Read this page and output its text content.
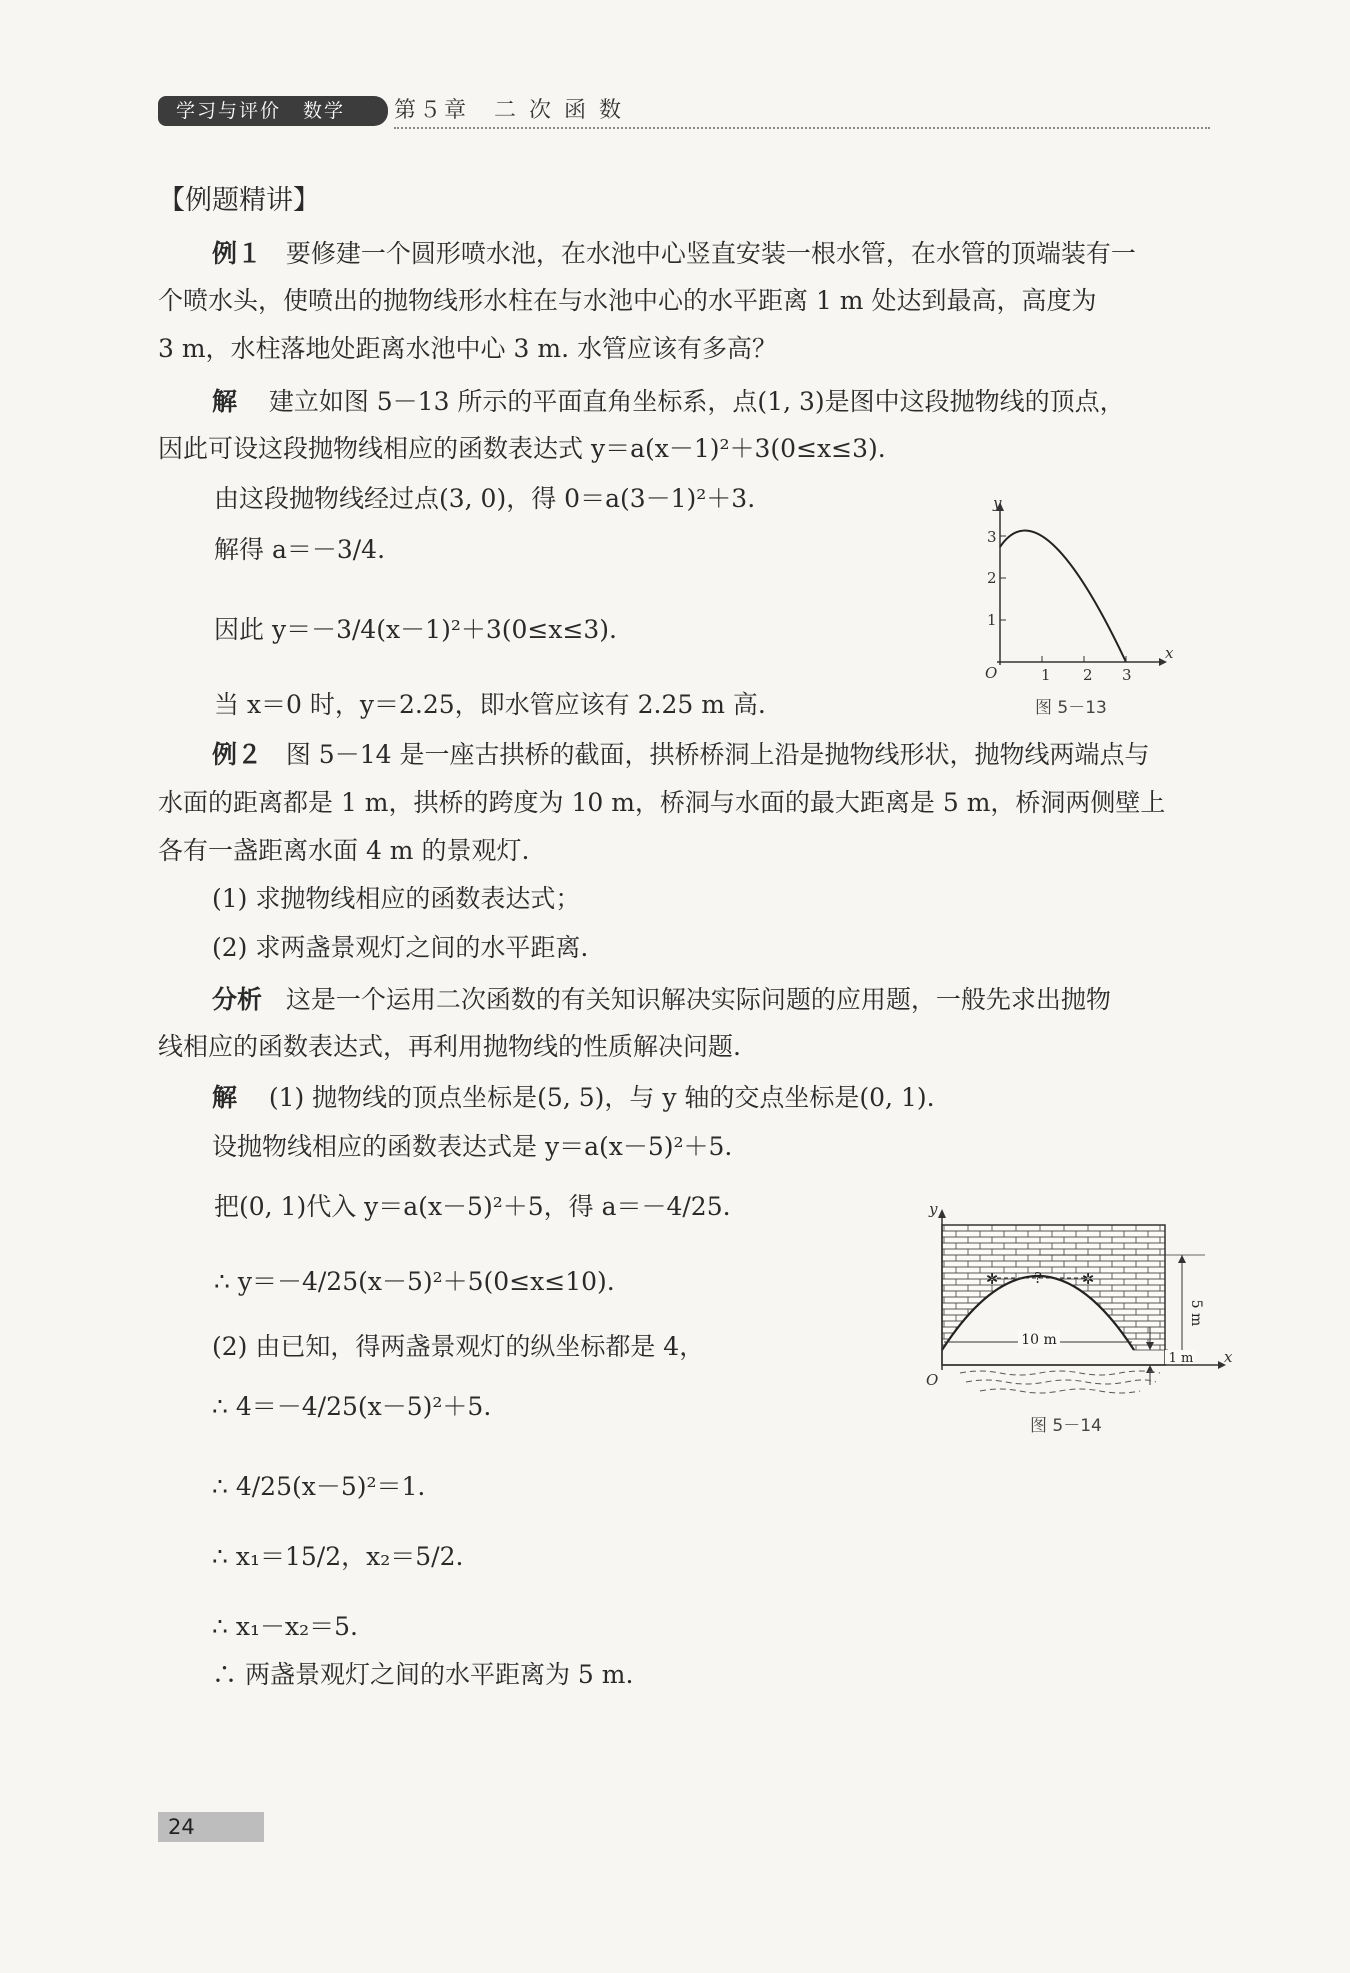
学习与评价 数学	第５章　二 次 函 数
【例题精讲】
例１ 要修建一个圆形喷水池，在水池中心竖直安装一根水管，在水管的顶端装有一
个喷水头，使喷出的抛物线形水柱在与水池中心的水平距离 1 m 处达到最高，高度为
3 m，水柱落地处距离水池中心 3 m. 水管应该有多高？
解 建立如图 5－13 所示的平面直角坐标系，点(1, 3)是图中这段抛物线的顶点，
因此可设这段抛物线相应的函数表达式 y＝a(x－1)²＋3(0≤x≤3).
由这段抛物线经过点(3, 0)，得 0＝a(3－1)²＋3.
解得 a＝－3/4.
因此 y＝－3/4(x－1)²＋3(0≤x≤3).
当 x＝0 时，y＝2.25，即水管应该有 2.25 m 高.
y
x
O	1 2 3
1
2
3
图 5－13
例２ 图 5－14 是一座古拱桥的截面，拱桥桥洞上沿是抛物线形状，抛物线两端点与
水面的距离都是 1 m，拱桥的跨度为 10 m，桥洞与水面的最大距离是 5 m，桥洞两侧壁上
各有一盏距离水面 4 m 的景观灯.
(1) 求抛物线相应的函数表达式；
(2) 求两盏景观灯之间的水平距离.
分析 这是一个运用二次函数的有关知识解决实际问题的应用题，一般先求出抛物
线相应的函数表达式，再利用抛物线的性质解决问题.
解 (1) 抛物线的顶点坐标是(5, 5)，与 y 轴的交点坐标是(0, 1).
设抛物线相应的函数表达式是 y＝a(x－5)²＋5.
把(0, 1)代入 y＝a(x－5)²＋5，得 a＝－4/25.
∴ y＝－4/25(x－5)²＋5(0≤x≤10).
(2) 由已知，得两盏景观灯的纵坐标都是 4，
∴ 4＝－4/25(x－5)²＋5.
∴ 4/25(x－5)²＝1.
∴ x₁＝15/2，x₂＝5/2.
∴ x₁－x₂＝5.
∴ 两盏景观灯之间的水平距离为 5 m.
y
x
O
✲	✲
?
10 m
5 m
1 m
图 5－14
24
